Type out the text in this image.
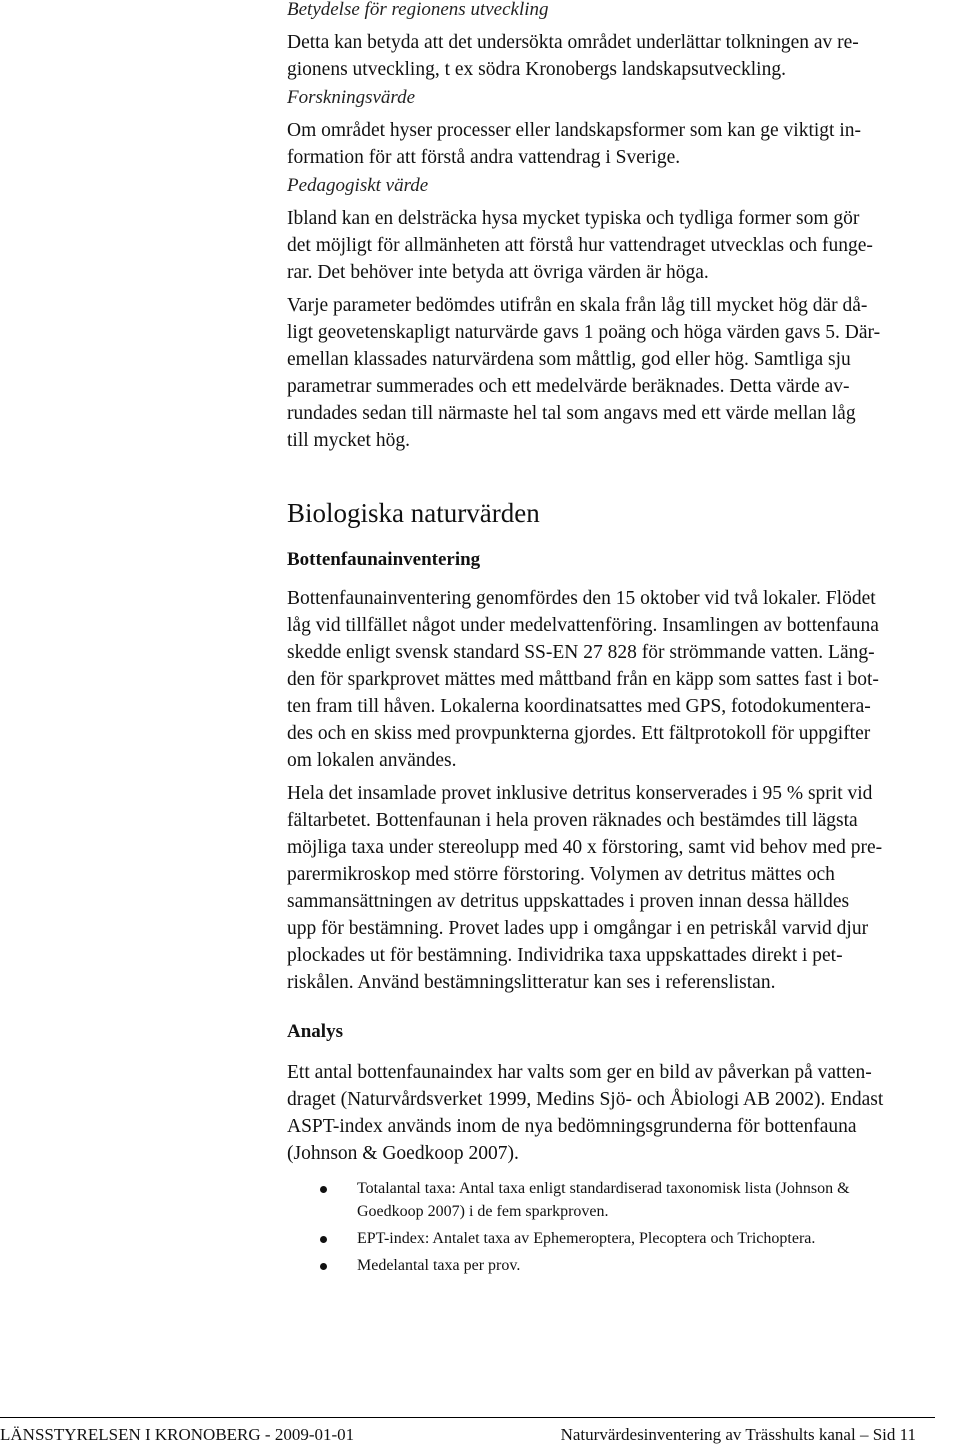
Betydelse för regionens utveckling

Detta kan betyda att det undersökta området underlättar tolkningen av re-
gionens utveckling, t ex södra Kronobergs landskapsutveckling.

Forskningsvärde

Om området hyser processer eller landskapsformer som kan ge viktigt in-
formation för att förstå andra vattendrag i Sverige.

Pedagogiskt värde

Ibland kan en delsträcka hysa mycket typiska och tydliga former som gör
det möjligt för allmänheten att förstå hur vattendraget utvecklas och funge-
rar. Det behöver inte betyda att övriga värden är höga.

Varje parameter bedömdes utifrån en skala från låg till mycket hög där då-
ligt geovetenskapligt naturvärde gavs 1 poäng och höga värden gavs 5. Där-
emellan klassades naturvärdena som måttlig, god eller hög. Samtliga sju
parametrar summerades och ett medelvärde beräknades. Detta värde av-
rundades sedan till närmaste hel tal som angavs med ett värde mellan låg
till mycket hög.

Biologiska naturvärden
Bottenfaunainventering

Bottenfaunainventering genomfördes den 15 oktober vid två lokaler. Flödet
låg vid tillfället något under medelvattenföring. Insamlingen av bottenfauna
skedde enligt svensk standard SS-EN 27 828 för strömmande vatten. Läng-
den för sparkprovet mättes med måttband från en käpp som sattes fast i bot-
ten fram till håven. Lokalerna koordinatsattes med GPS, fotodokumentera-
des och en skiss med provpunkterna gjordes. Ett fältprotokoll för uppgifter
om lokalen användes.

Hela det insamlade provet inklusive detritus konserverades i 95 % sprit vid
fältarbetet. Bottenfaunan i hela proven räknades och bestämdes till lägsta
möjliga taxa under stereolupp med 40 x förstoring, samt vid behov med pre-
parermikroskop med större förstoring. Volymen av detritus mättes och
sammansättningen av detritus uppskattades i proven innan dessa hälldes
upp för bestämning. Provet lades upp i omgångar i en petriskål varvid djur
plockades ut för bestämning. Individrika taxa uppskattades direkt i pet-
riskålen. Använd bestämningslitteratur kan ses i referenslistan.

Analys

Ett antal bottenfaunaindex har valts som ger en bild av påverkan på vatten-
draget (Naturvårdsverket 1999, Medins Sjö- och Åbiologi AB 2002). Endast
ASPT-index används inom de nya bedömningsgrunderna för bottenfauna
(Johnson & Goedkoop 2007).

Totalantal taxa: Antal taxa enligt standardiserad taxonomisk lista (Johnson &
Goedkoop 2007) i de fem sparkproven.
EPT-index: Antalet taxa av Ephemeroptera, Plecoptera och Trichoptera.
Medelantal taxa per prov.
LÄNSSTYRELSEN I KRONOBERG - 2009-01-01	Naturvärdesinventering av Trässhults kanal – Sid 11
